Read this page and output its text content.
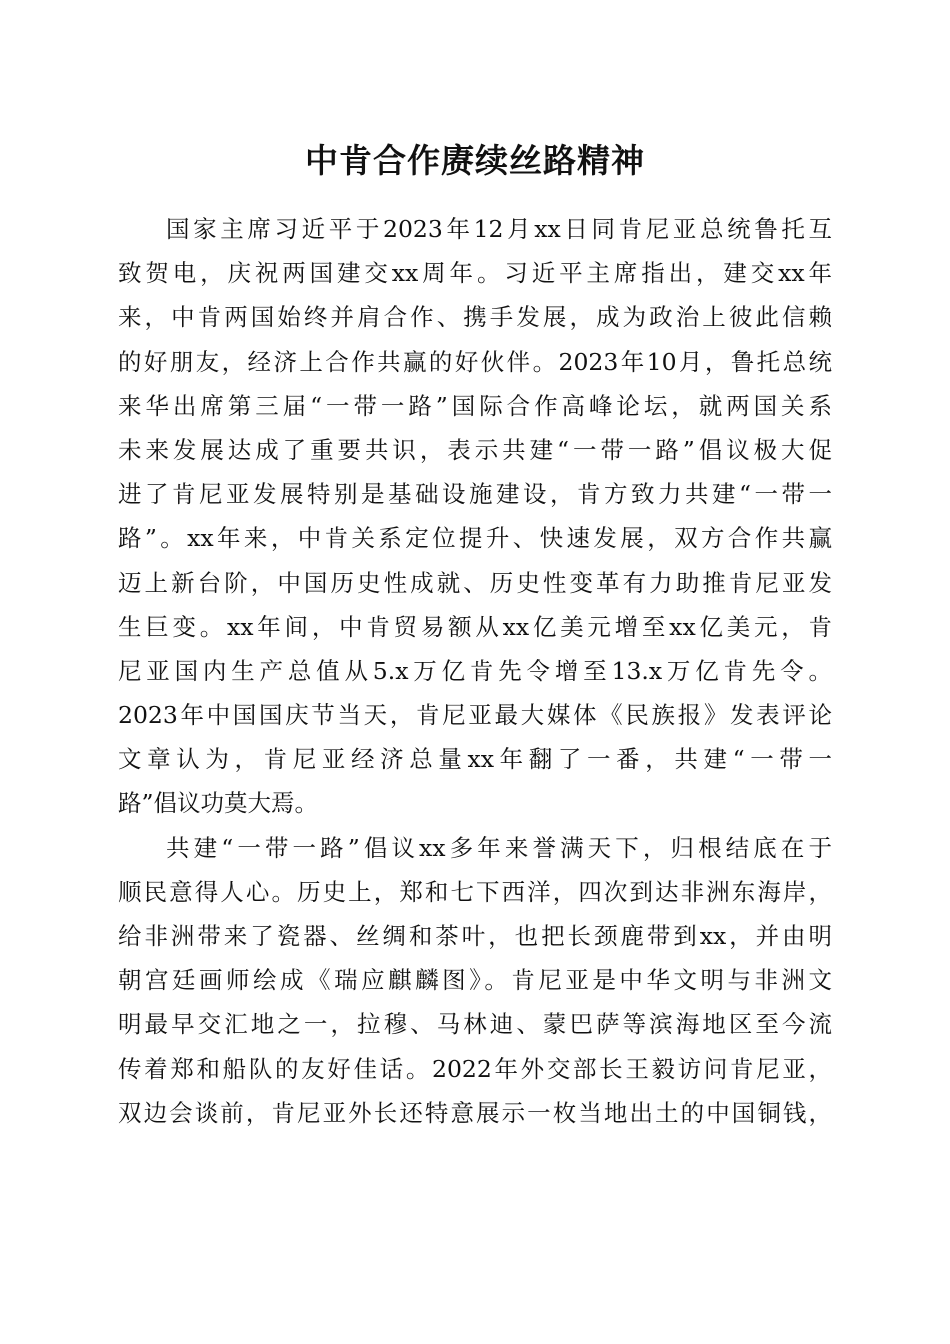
中肯合作赓续丝路精神
国家主席习近平于2023年12月xx日同肯尼亚总统鲁托互
致贺电，庆祝两国建交xx周年。习近平主席指出，建交xx年
来，中肯两国始终并肩合作、携手发展，成为政治上彼此信赖
的好朋友，经济上合作共赢的好伙伴。2023年10月，鲁托总统
来华出席第三届“一带一路”国际合作高峰论坛，就两国关系
未来发展达成了重要共识，表示共建“一带一路”倡议极大促
进了肯尼亚发展特别是基础设施建设，肯方致力共建“一带一
路”。xx年来，中肯关系定位提升、快速发展，双方合作共赢
迈上新台阶，中国历史性成就、历史性变革有力助推肯尼亚发
生巨变。xx年间，中肯贸易额从xx亿美元增至xx亿美元，肯
尼亚国内生产总值从5.x万亿肯先令增至13.x万亿肯先令。
2023年中国国庆节当天，肯尼亚最大媒体《民族报》发表评论
文章认为，肯尼亚经济总量xx年翻了一番，共建“一带一
路”倡议功莫大焉。
共建“一带一路”倡议xx多年来誉满天下，归根结底在于
顺民意得人心。历史上，郑和七下西洋，四次到达非洲东海岸，
给非洲带来了瓷器、丝绸和茶叶，也把长颈鹿带到xx，并由明
朝宫廷画师绘成《瑞应麒麟图》。肯尼亚是中华文明与非洲文
明最早交汇地之一，拉穆、马林迪、蒙巴萨等滨海地区至今流
传着郑和船队的友好佳话。2022年外交部长王毅访问肯尼亚，
双边会谈前，肯尼亚外长还特意展示一枚当地出土的中国铜钱，
